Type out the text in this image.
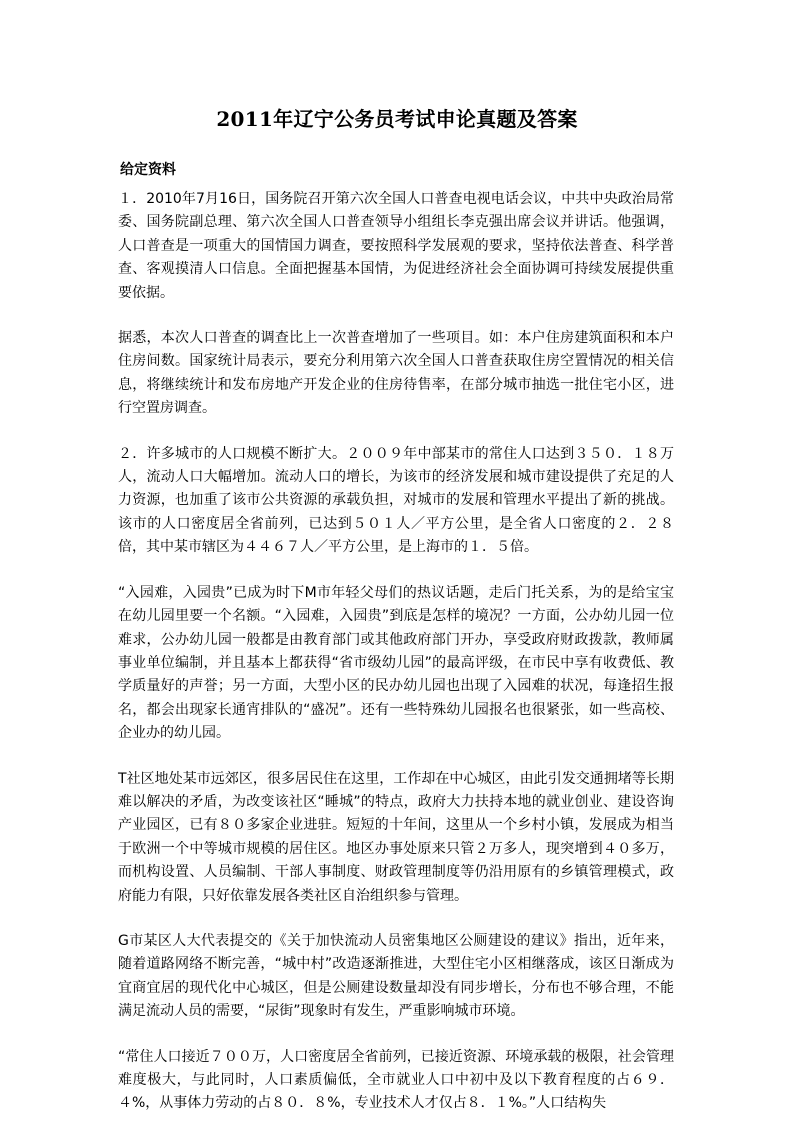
2011年辽宁公务员考试申论真题及答案
给定资料

１．2010年7月16日，国务院召开第六次全国人口普查电视电话会议，中共中央政治局常委、国务院副总理、第六次全国人口普查领导小组组长李克强出席会议并讲话。他强调，人口普查是一项重大的国情国力调查，要按照科学发展观的要求，坚持依法普查、科学普查、客观摸清人口信息。全面把握基本国情，为促进经济社会全面协调可持续发展提供重要依据。

据悉，本次人口普查的调查比上一次普查增加了一些项目。如：本户住房建筑面积和本户住房间数。国家统计局表示，要充分利用第六次全国人口普查获取住房空置情况的相关信息，将继续统计和发布房地产开发企业的住房待售率，在部分城市抽选一批住宅小区，进行空置房调查。

２．许多城市的人口规模不断扩大。２００９年中部某市的常住人口达到３５０．１８万人，流动人口大幅增加。流动人口的增长，为该市的经济发展和城市建设提供了充足的人力资源，也加重了该市公共资源的承载负担，对城市的发展和管理水平提出了新的挑战。该市的人口密度居全省前列，已达到５０１人／平方公里，是全省人口密度的２．２８倍，其中某市辖区为４４６７人／平方公里，是上海市的１．５倍。

“入园难，入园贵”已成为时下M市年轻父母们的热议话题，走后门托关系，为的是给宝宝在幼儿园里要一个名额。“入园难，入园贵”到底是怎样的境况？一方面，公办幼儿园一位难求，公办幼儿园一般都是由教育部门或其他政府部门开办，享受政府财政拨款，教师属事业单位编制，并且基本上都获得“省市级幼儿园”的最高评级，在市民中享有收费低、教学质量好的声誉；另一方面，大型小区的民办幼儿园也出现了入园难的状况，每逢招生报名，都会出现家长通宵排队的“盛况”。还有一些特殊幼儿园报名也很紧张，如一些高校、企业办的幼儿园。

T社区地处某市远郊区，很多居民住在这里，工作却在中心城区，由此引发交通拥堵等长期难以解决的矛盾，为改变该社区“睡城”的特点，政府大力扶持本地的就业创业、建设咨询产业园区，已有８０多家企业进驻。短短的十年间，这里从一个乡村小镇，发展成为相当于欧洲一个中等城市规模的居住区。地区办事处原来只管２万多人，现突增到４０多万，而机构设置、人员编制、干部人事制度、财政管理制度等仍沿用原有的乡镇管理模式，政府能力有限，只好依靠发展各类社区自治组织参与管理。

G市某区人大代表提交的《关于加快流动人员密集地区公厕建设的建议》指出，近年来，随着道路网络不断完善，“城中村”改造逐渐推进，大型住宅小区相继落成，该区日渐成为宜商宜居的现代化中心城区，但是公厕建设数量却没有同步增长，分布也不够合理，不能满足流动人员的需要，“尿街”现象时有发生，严重影响城市环境。

“常住人口接近７００万，人口密度居全省前列，已接近资源、环境承载的极限，社会管理难度极大，与此同时，人口素质偏低，全市就业人口中初中及以下教育程度的占６９．４%，从事体力劳动的占８０．８%，专业技术人才仅占８．１%。”人口结构失
